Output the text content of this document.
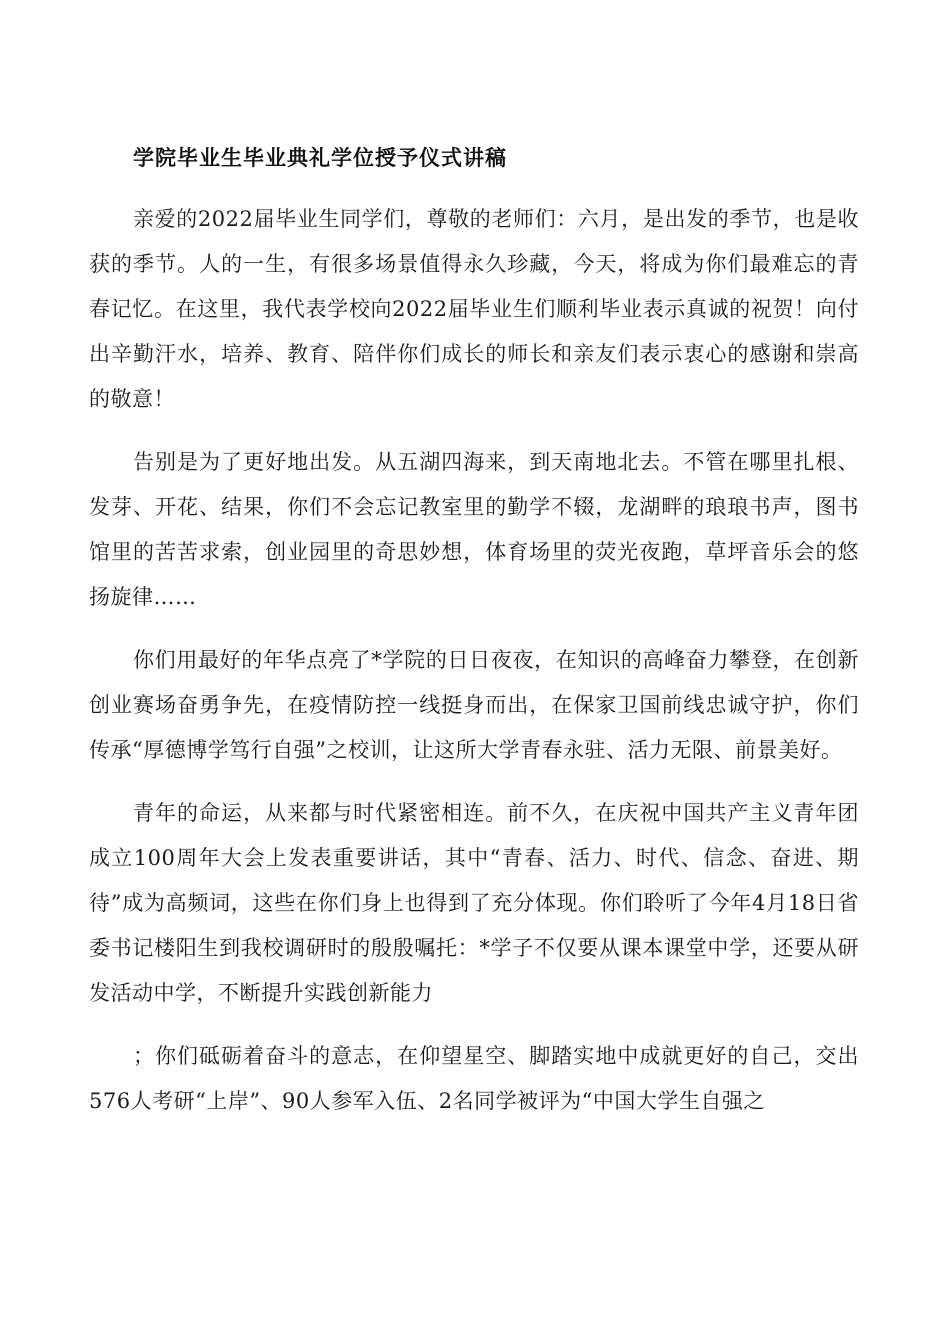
学院毕业生毕业典礼学位授予仪式讲稿

亲爱的2022届毕业生同学们，尊敬的老师们：六月，是出发的季节，也是收获的季节。人的一生，有很多场景值得永久珍藏，今天，将成为你们最难忘的青春记忆。在这里，我代表学校向2022届毕业生们顺利毕业表示真诚的祝贺！向付出辛勤汗水，培养、教育、陪伴你们成长的师长和亲友们表示衷心的感谢和崇高的敬意！

告别是为了更好地出发。从五湖四海来，到天南地北去。不管在哪里扎根、发芽、开花、结果，你们不会忘记教室里的勤学不辍，龙湖畔的琅琅书声，图书馆里的苦苦求索，创业园里的奇思妙想，体育场里的荧光夜跑，草坪音乐会的悠扬旋律……

你们用最好的年华点亮了*学院的日日夜夜，在知识的高峰奋力攀登，在创新创业赛场奋勇争先，在疫情防控一线挺身而出，在保家卫国前线忠诚守护，你们传承“厚德博学笃行自强”之校训，让这所大学青春永驻、活力无限、前景美好。

青年的命运，从来都与时代紧密相连。前不久，在庆祝中国共产主义青年团成立100周年大会上发表重要讲话，其中“青春、活力、时代、信念、奋进、期待”成为高频词，这些在你们身上也得到了充分体现。你们聆听了今年4月18日省委书记楼阳生到我校调研时的殷殷嘱托：*学子不仅要从课本课堂中学，还要从研发活动中学，不断提升实践创新能力

；你们砥砺着奋斗的意志，在仰望星空、脚踏实地中成就更好的自己，交出576人考研“上岸”、90人参军入伍、2名同学被评为“中国大学生自强之
